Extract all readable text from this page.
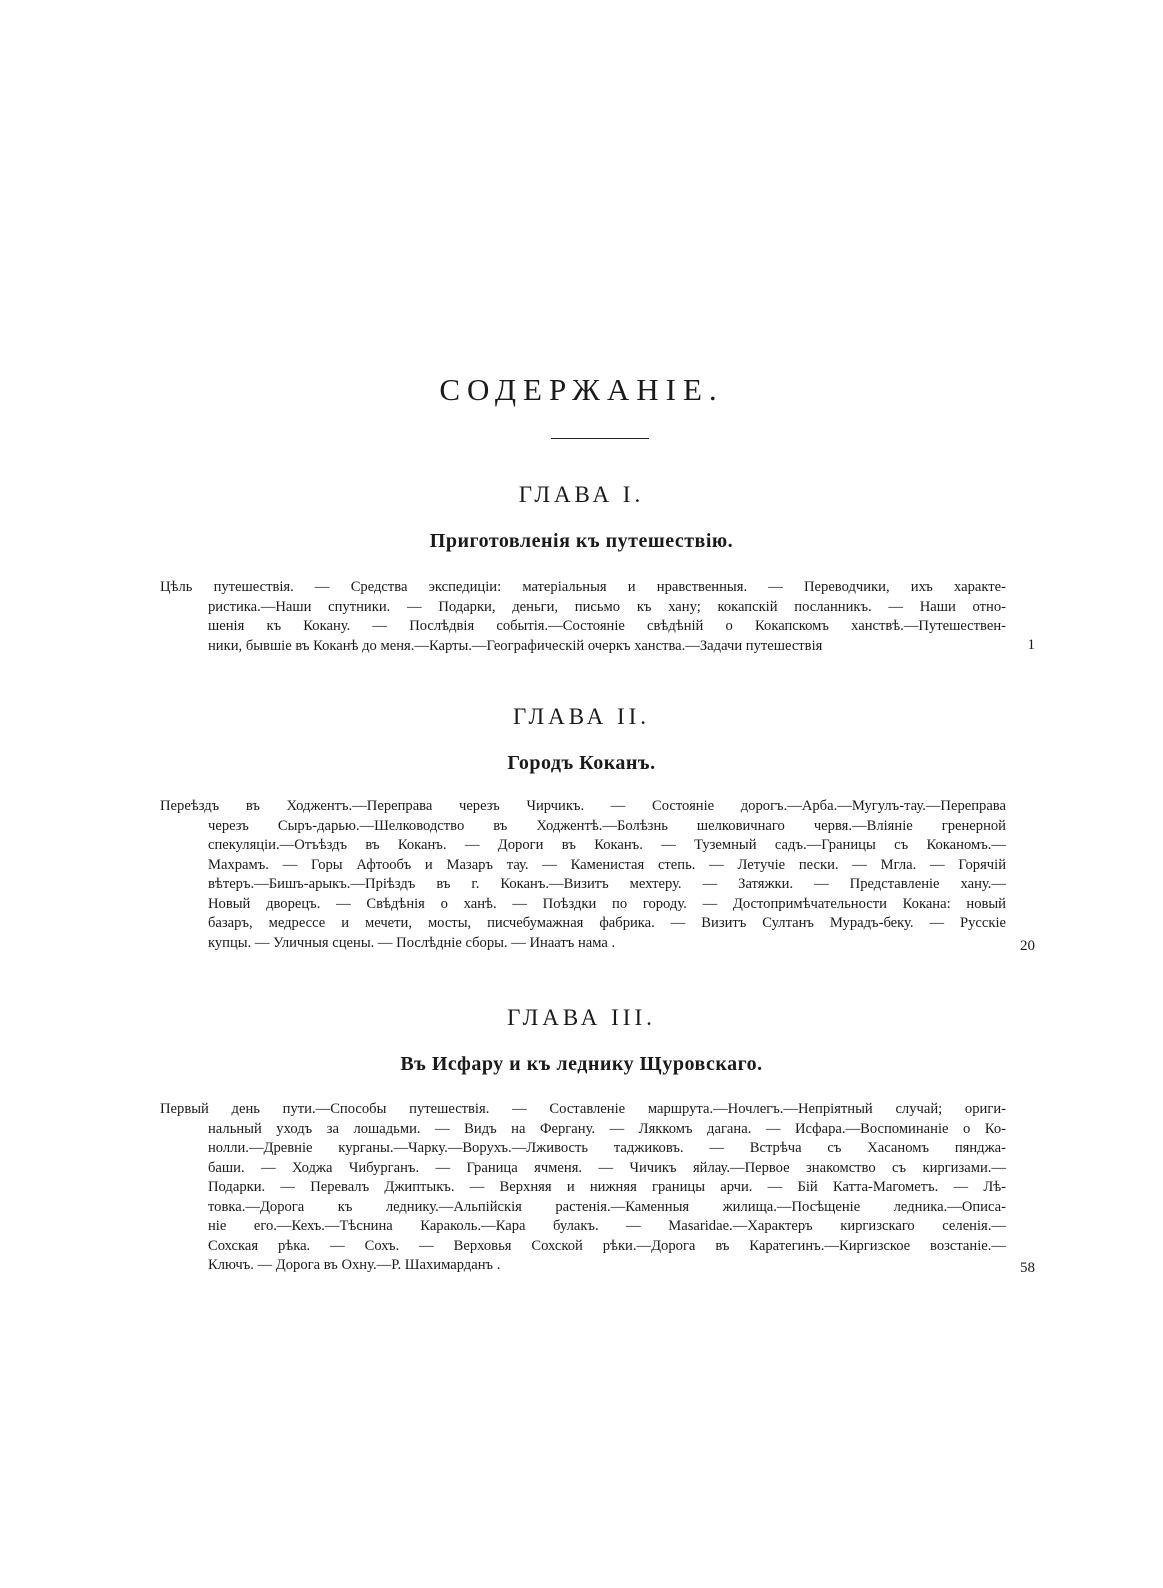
СОДЕРЖАНІЕ.
ГЛАВА I.
Приготовленія къ путешествію.
Цѣль путешествія. — Средства экспедиціи: матеріальныя и нравственныя. — Переводчики, ихъ характе-
ристика.—Наши спутники. — Подарки, деньги, письмо къ хану; кокапскій посланникъ. — Наши отно-
шенія къ Кокану. — Послѣдвія событія.—Состояніе свѣдѣній о Кокапскомъ ханствѣ.—Путешествен-
ники, бывшіе въ Коканѣ до меня.—Карты.—Географическій очеркъ ханства.—Задачи путешествія	1
ГЛАВА II.
Городъ Коканъ.
Переѣздъ въ Ходжентъ.—Переправа черезъ Чирчикъ. — Состояніе дорогъ.—Арба.—Мугулъ-тау.—Переправа
черезъ Сыръ-дарью.—Шелководство въ Ходжентѣ.—Болѣзнь шелковичнаго червя.—Вліяніе гренерной
спекуляціи.—Отъѣздъ въ Коканъ. — Дороги въ Коканъ. — Туземный садъ.—Границы съ Коканомъ.—
Махрамъ. — Горы Афтообъ и Мазаръ тау. — Каменистая степь. — Летучіе пески. — Мгла. — Горячій
вѣтеръ.—Бишъ-арыкъ.—Пріѣздъ въ г. Коканъ.—Визитъ мехтеру. — Затяжки. — Представленіе хану.—
Новый дворецъ. — Свѣдѣнія о ханѣ. — Поѣздки по городу. — Достопримѣчательности Кокана: новый
базаръ, медрессе и мечети, мосты, писчебумажная фабрика. — Визитъ Султанъ Мурадъ-беку. — Русскіе
купцы. — Уличныя сцены. — Послѣдніе сборы. — Инаатъ нама .	20
ГЛАВА III.
Въ Исфару и къ леднику Щуровскаго.
Первый день пути.—Способы путешествія. — Составленіе маршрута.—Ночлегъ.—Непріятный случай; ориги-
нальный уходъ за лошадьми. — Видъ на Фергану. — Ляккомъ дагана. — Исфара.—Воспоминаніе о Ко-
нолли.—Древніе курганы.—Чарку.—Ворухъ.—Лживость таджиковъ. — Встрѣча съ Хасаномъ пянджа-
баши. — Ходжа Чибурганъ. — Граница ячменя. — Чичикъ яйлау.—Первое знакомство съ киргизами.—
Подарки. — Перевалъ Джиптыкъ. — Верхняя и нижняя границы арчи. — Бій Катта-Магометъ. — Лѣ-
товка.—Дорога къ леднику.—Альпійскія растенія.—Каменныя жилища.—Посѣщеніе ледника.—Описа-
ніе его.—Кехъ.—Тѣснина Караколь.—Кара булакъ. — Masaridae.—Характеръ киргизскаго селенія.—
Сохская рѣка. — Сохъ. — Верховья Сохской рѣки.—Дорога въ Каратегинъ.—Киргизское возстаніе.—
Ключъ. — Дорога въ Охну.—Р. Шахимарданъ .	58
